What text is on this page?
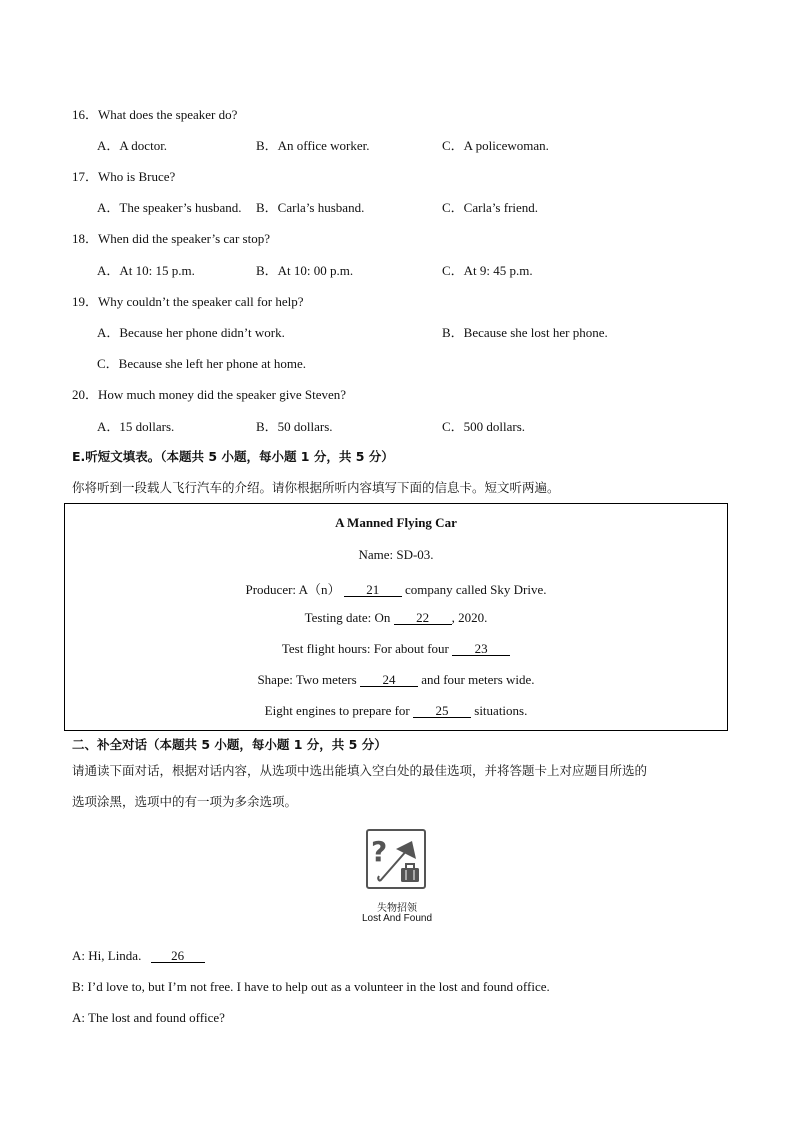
16．What does the speaker do?
A．A doctor.	B．An office worker.	C．A policewoman.
17．Who is Bruce?
A．The speaker’s husband. B．Carla’s husband.	C．Carla’s friend.
18．When did the speaker’s car stop?
A．At 10: 15 p.m.	B．At 10: 00 p.m.	C．At 9: 45 p.m.
19．Why couldn’t the speaker call for help?
A．Because her phone didn’t work.	B．Because she lost her phone.
C．Because she left her phone at home.
20．How much money did the speaker give Steven?
A．15 dollars.	B．50 dollars.	C．500 dollars.
E.听短文填表。（本题共 5 小题，每小题 1 分，共 5 分）
你将听到一段载人飞行汽车的介绍。请你根据所听内容填写下面的信息卡。短文听两遍。
A Manned Flying Car
Name: SD-03.
Producer: A（n） 21 company called Sky Drive.
Testing date: On 22 , 2020.
Test flight hours: For about four 23
Shape: Two meters 24 and four meters wide.
Eight engines to prepare for 25 situations.
二、补全对话（本题共 5 小题，每小题 1 分，共 5 分）
请通读下面对话，根据对话内容，从选项中选出能填入空白处的最佳选项，并将答题卡上对应题目所选的
选项涂黑，选项中的有一项为多余选项。
?
失物招领
Lost And Found
A: Hi, Linda. 26
B: I’d love to, but I’m not free. I have to help out as a volunteer in the lost and found office.
A: The lost and found office?
